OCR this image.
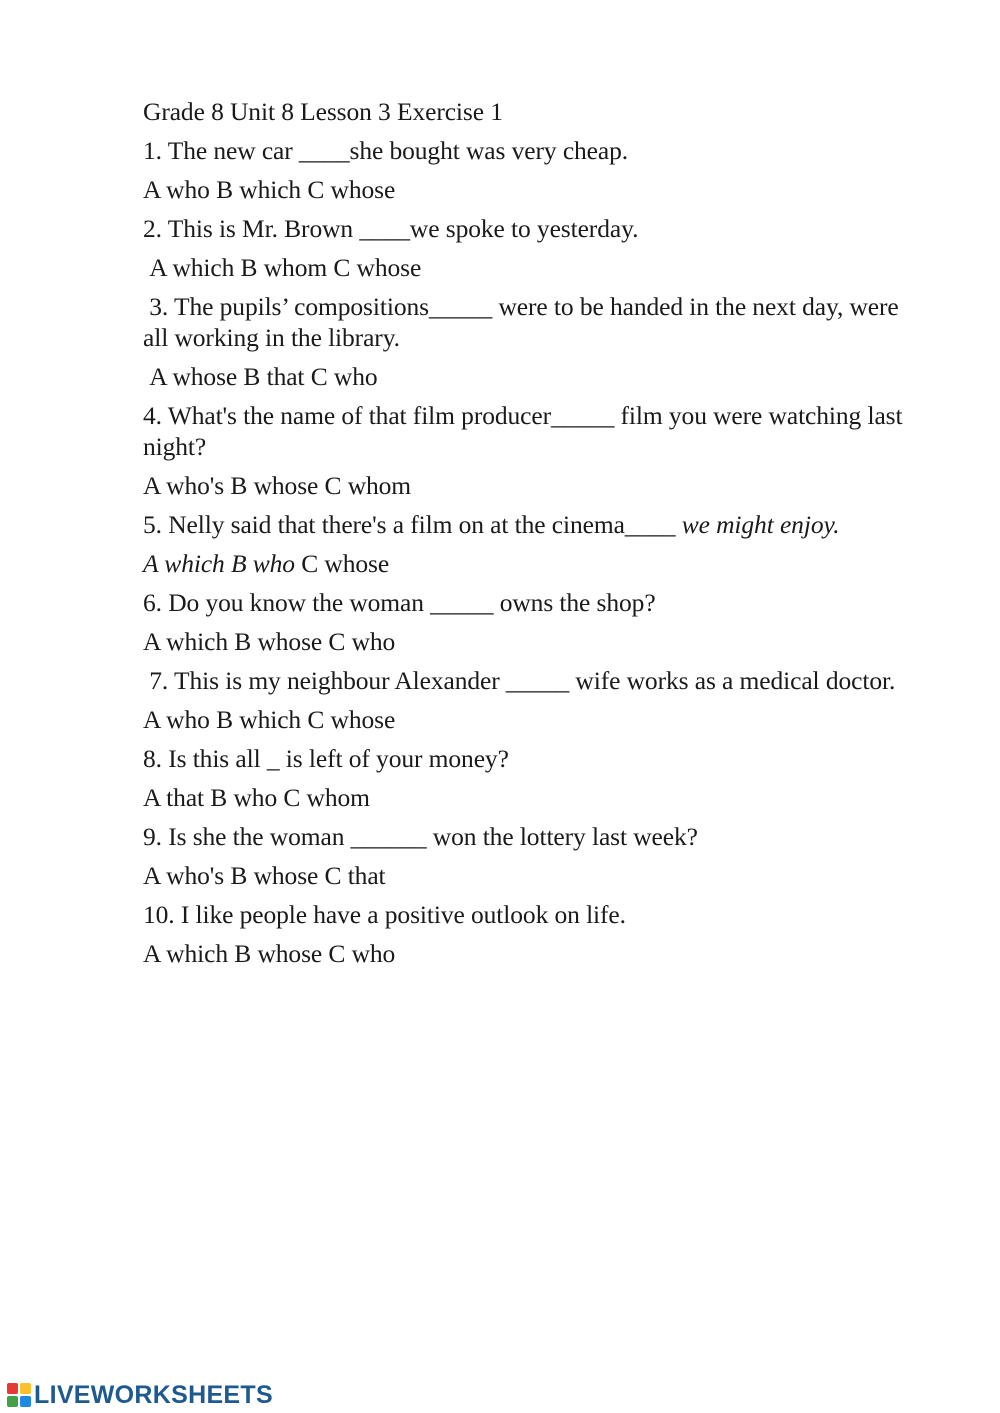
Grade 8 Unit 8 Lesson 3 Exercise 1

1. The new car ____she bought was very cheap.

A who B which C whose

2. This is Mr. Brown ____we spoke to yesterday.

A which B whom C whose

3. The pupils’ compositions_____ were to be handed in the next day, were all working in the library.

A whose B that C who

4. What's the name of that film producer_____ film you were watching last night?

A who's B whose C whom

5. Nelly said that there's a film on at the cinema____ we might enjoy.

A which B who C whose

6. Do you know the woman _____ owns the shop?

A which B whose C who

7. This is my neighbour Alexander _____ wife works as a medical doctor.

A who B which C whose

8. Is this all _ is left of your money?

A that B who C whom

9. Is she the woman ______ won the lottery last week?

A who's B whose C that

10. I like people have a positive outlook on life.

A which B whose C who

LIVEWORKSHEETS
